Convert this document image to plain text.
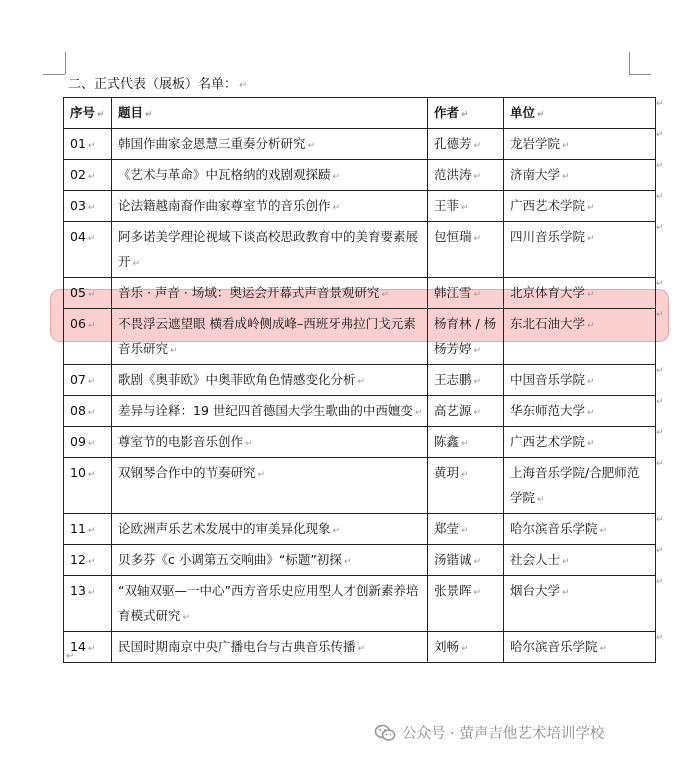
二、正式代表（展板）名单： ↵
序号 ↵	题目 ↵	作者 ↵	单位 ↵
01 ↵	韩国作曲家金恩慧三重奏分析研究 ↵	孔德芳 ↵	龙岩学院 ↵
02 ↵	《艺术与革命》中瓦格纳的戏剧观探赜 ↵	范洪涛 ↵	济南大学 ↵
03 ↵	论法籍越南裔作曲家尊室节的音乐创作 ↵	王菲 ↵	广西艺术学院 ↵
04 ↵	阿多诺美学理论视域下谈高校思政教育中的美育要素展开 ↵	包恒瑞 ↵	四川音乐学院 ↵
05 ↵	音乐 · 声音 · 场域：奥运会开幕式声音景观研究 ↵	韩江雪 ↵	北京体育大学 ↵
06 ↵	不畏浮云遮望眼 横看成岭侧成峰–西班牙弗拉门戈元素音乐研究 ↵	杨育林 / 杨杨芳婷 ↵	东北石油大学 ↵
07 ↵	歌剧《奥菲欧》中奥菲欧角色情感变化分析 ↵	王志鹏 ↵	中国音乐学院 ↵
08 ↵	差异与诠释：19 世纪四首德国大学生歌曲的中西嬗变 ↵	高艺源 ↵	华东师范大学 ↵
09 ↵	尊室节的电影音乐创作 ↵	陈鑫 ↵	广西艺术学院 ↵
10 ↵	双钢琴合作中的节奏研究 ↵	黄玥 ↵	上海音乐学院/合肥师范学院 ↵
11 ↵	论欧洲声乐艺术发展中的审美异化现象 ↵	郑莹 ↵	哈尔滨音乐学院 ↵
12 ↵	贝多芬《c 小调第五交响曲》“标题”初探 ↵	汤锴诚 ↵	社会人士 ↵
13 ↵	“双轴双驱—一中心”西方音乐史应用型人才创新素养培育模式研究 ↵	张景晖 ↵	烟台大学 ↵
14 ↵	民国时期南京中央广播电台与古典音乐传播 ↵	刘畅 ↵	哈尔滨音乐学院 ↵
↵
公众号 · 萤声吉他艺术培训学校
↵
↵
↵
↵
↵
↵
↵
↵
↵
↵
↵
↵
↵
↵
↵
